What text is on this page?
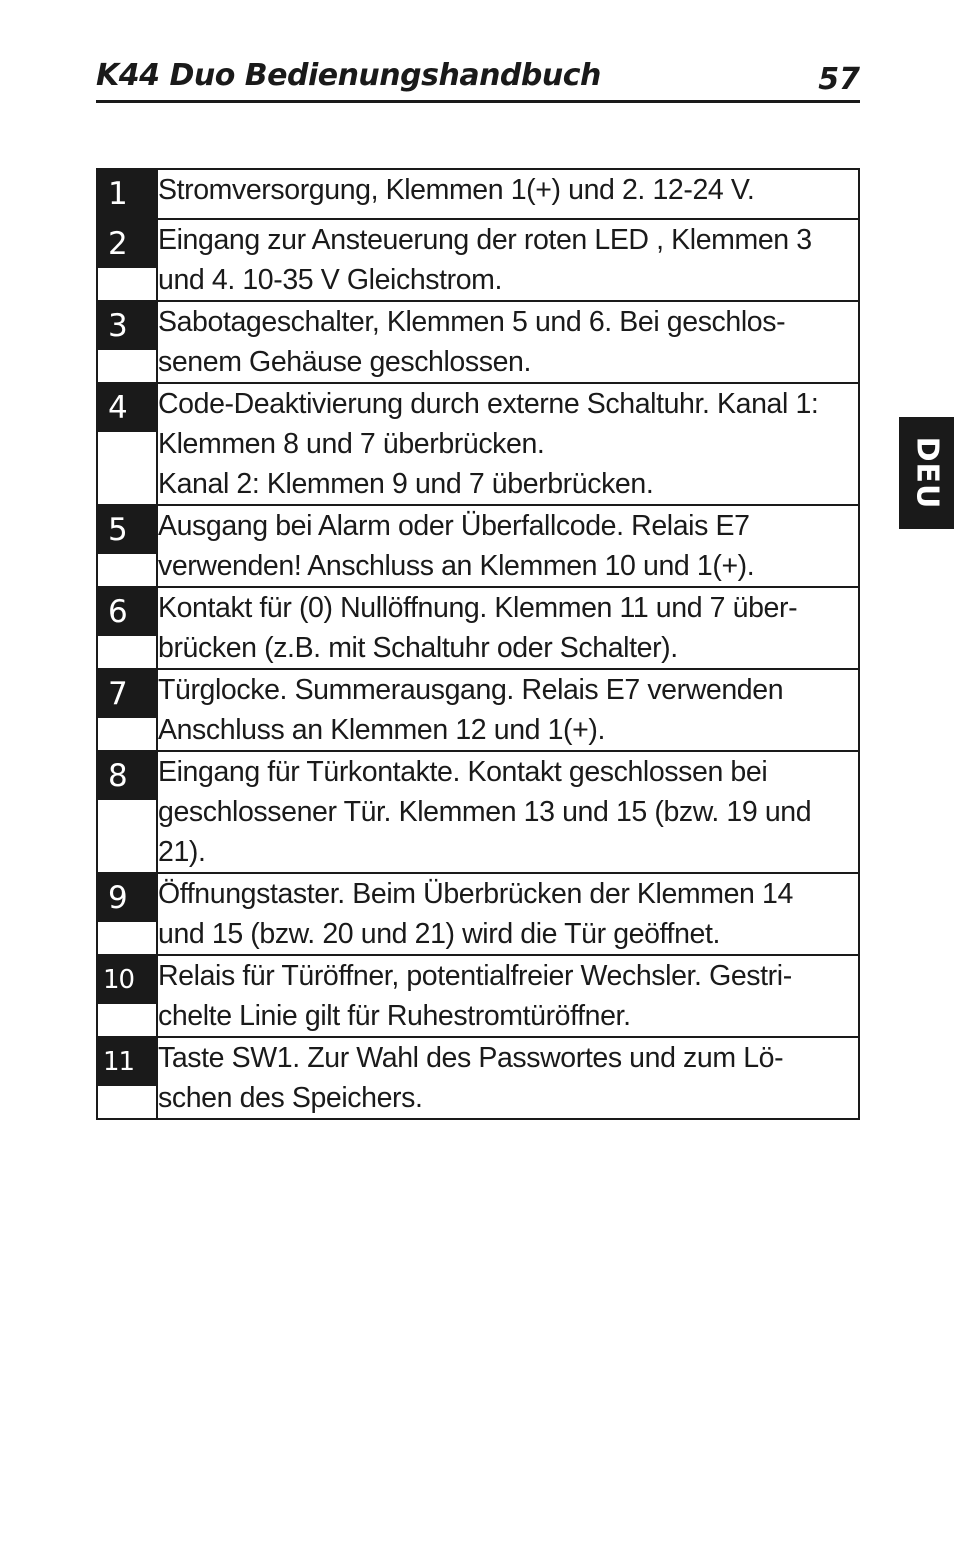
K44 Duo Bedienungshandbuch	57
DEU
1	Stromversorgung, Klemmen 1(+) und 2. 12-24 V.

2	Eingang zur Ansteuerung der roten LED , Klemmen 3
und 4. 10-35 V Gleichstrom.

3	Sabotageschalter, Klemmen 5 und 6. Bei geschlos-
senem Gehäuse geschlossen.

4	Code-Deaktivierung durch externe Schaltuhr. Kanal 1:
Klemmen 8 und 7 überbrücken.
Kanal 2: Klemmen 9 und 7 überbrücken.

5	Ausgang bei Alarm oder Überfallcode. Relais E7
verwenden! Anschluss an Klemmen 10 und 1(+).

6	Kontakt für (0) Nullöffnung. Klemmen 11 und 7 über-
brücken (z.B. mit Schaltuhr oder Schalter).

7	Türglocke. Summerausgang. Relais E7 verwenden
Anschluss an Klemmen 12 und 1(+).

8	Eingang für Türkontakte. Kontakt geschlossen bei
geschlossener Tür. Klemmen 13 und 15 (bzw. 19 und
21).

9	Öffnungstaster. Beim Überbrücken der Klemmen 14
und 15 (bzw. 20 und 21) wird die Tür geöffnet.

10	Relais für Türöffner, potentialfreier Wechsler. Gestri-
chelte Linie gilt für Ruhestromtüröffner.

11	Taste SW1. Zur Wahl des Passwortes und zum Lö-
schen des Speichers.
